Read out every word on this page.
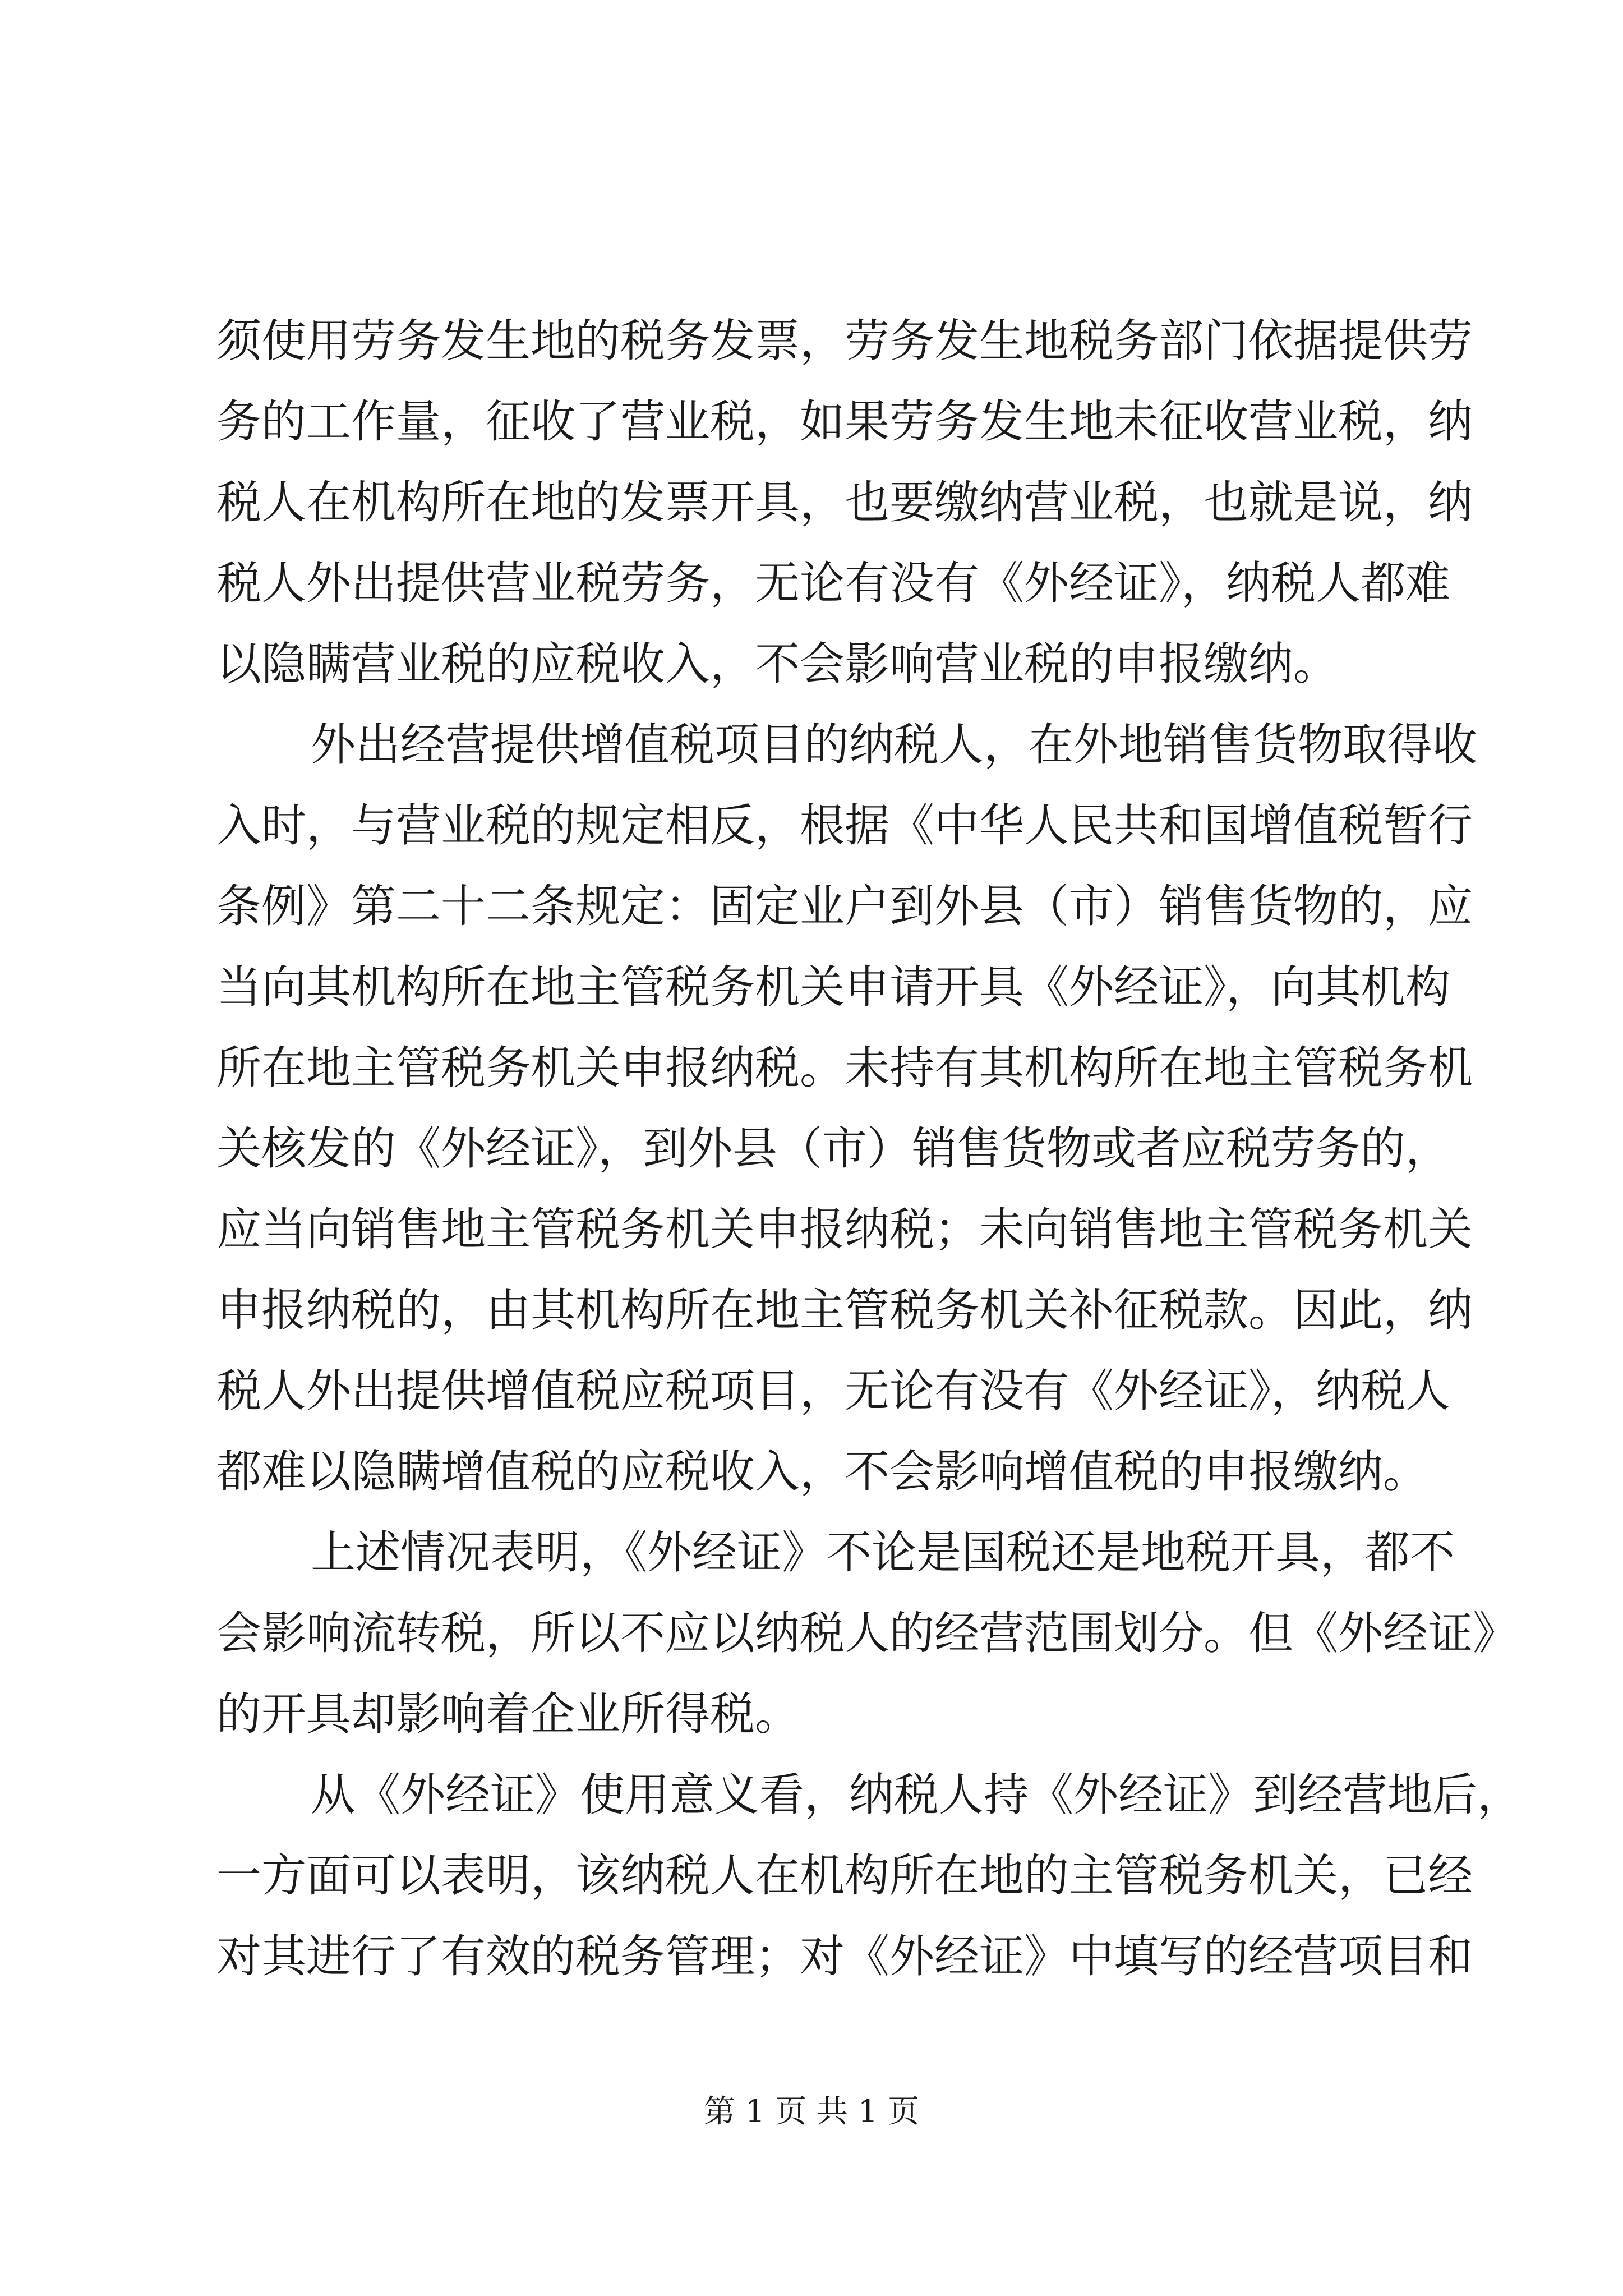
须使用劳务发生地的税务发票，劳务发生地税务部门依据提供劳
务的工作量，征收了营业税，如果劳务发生地未征收营业税，纳
税人在机构所在地的发票开具，也要缴纳营业税，也就是说，纳
税人外出提供营业税劳务，无论有没有《外经证》，纳税人都难
以隐瞒营业税的应税收入，不会影响营业税的申报缴纳。
外出经营提供增值税项目的纳税人，在外地销售货物取得收
入时，与营业税的规定相反，根据《中华人民共和国增值税暂行
条例》第二十二条规定：固定业户到外县（市）销售货物的，应
当向其机构所在地主管税务机关申请开具《外经证》，向其机构
所在地主管税务机关申报纳税。未持有其机构所在地主管税务机
关核发的《外经证》，到外县（市）销售货物或者应税劳务的，
应当向销售地主管税务机关申报纳税；未向销售地主管税务机关
申报纳税的，由其机构所在地主管税务机关补征税款。因此，纳
税人外出提供增值税应税项目，无论有没有《外经证》，纳税人
都难以隐瞒增值税的应税收入，不会影响增值税的申报缴纳。
上述情况表明，《外经证》不论是国税还是地税开具，都不
会影响流转税，所以不应以纳税人的经营范围划分。但《外经证》
的开具却影响着企业所得税。
从《外经证》使用意义看，纳税人持《外经证》到经营地后，
一方面可以表明，该纳税人在机构所在地的主管税务机关，已经
对其进行了有效的税务管理；对《外经证》中填写的经营项目和
第 1 页 共 1 页
